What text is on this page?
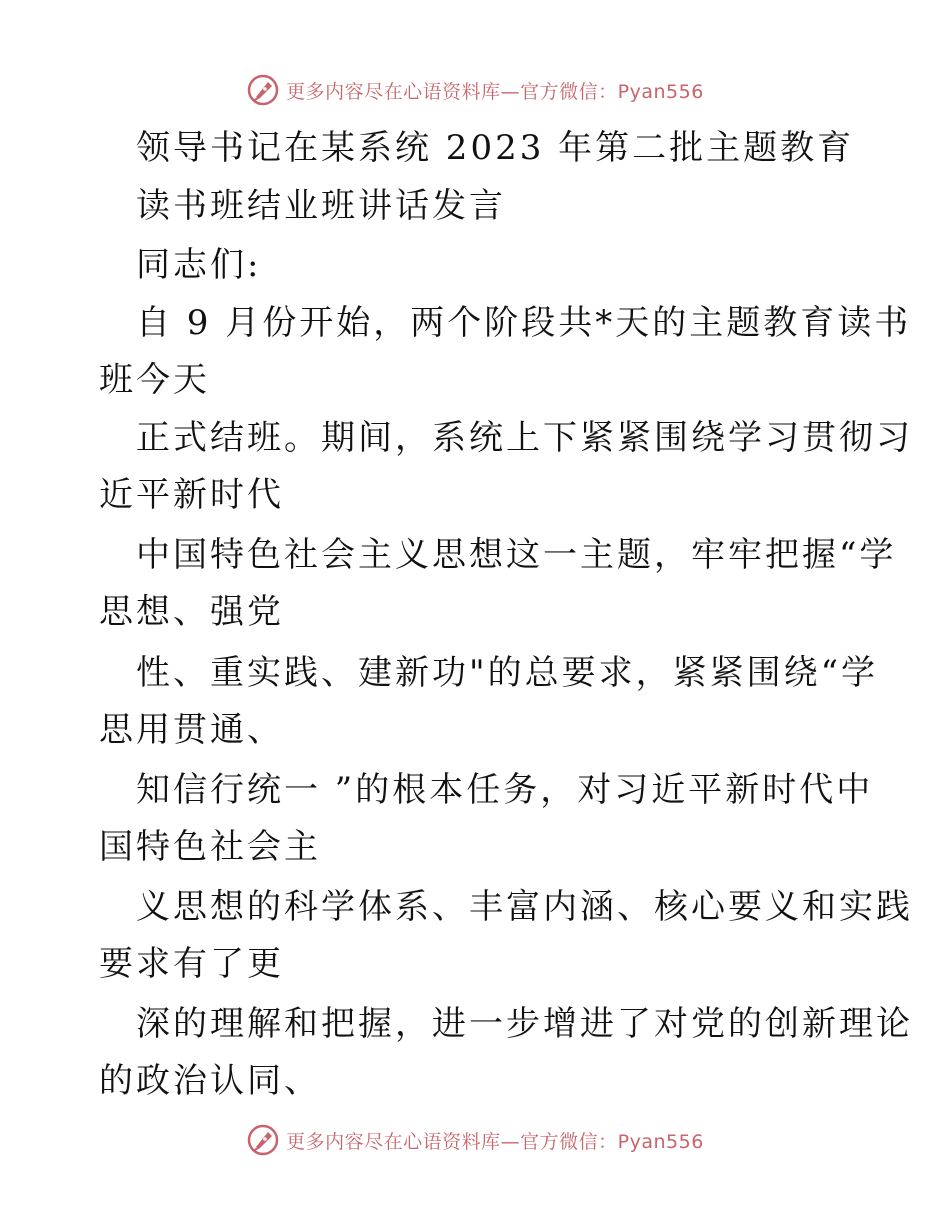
更多内容尽在心语资料库—官方微信：Pyan556
领导书记在某系统 2023 年第二批主题教育
读书班结业班讲话发言
同志们:
自 9 月份开始，两个阶段共*天的主题教育读书
班今天
正式结班。期间，系统上下紧紧围绕学习贯彻习
近平新时代
中国特色社会主义思想这一主题，牢牢把握“学
思想、强党
性、重实践、建新功"的总要求，紧紧围绕“学
思用贯通、
知信行统一 ”的根本任务，对习近平新时代中
国特色社会主
义思想的科学体系、丰富内涵、核心要义和实践
要求有了更
深的理解和把握，进一步增进了对党的创新理论
的政治认同、
更多内容尽在心语资料库—官方微信：Pyan556
